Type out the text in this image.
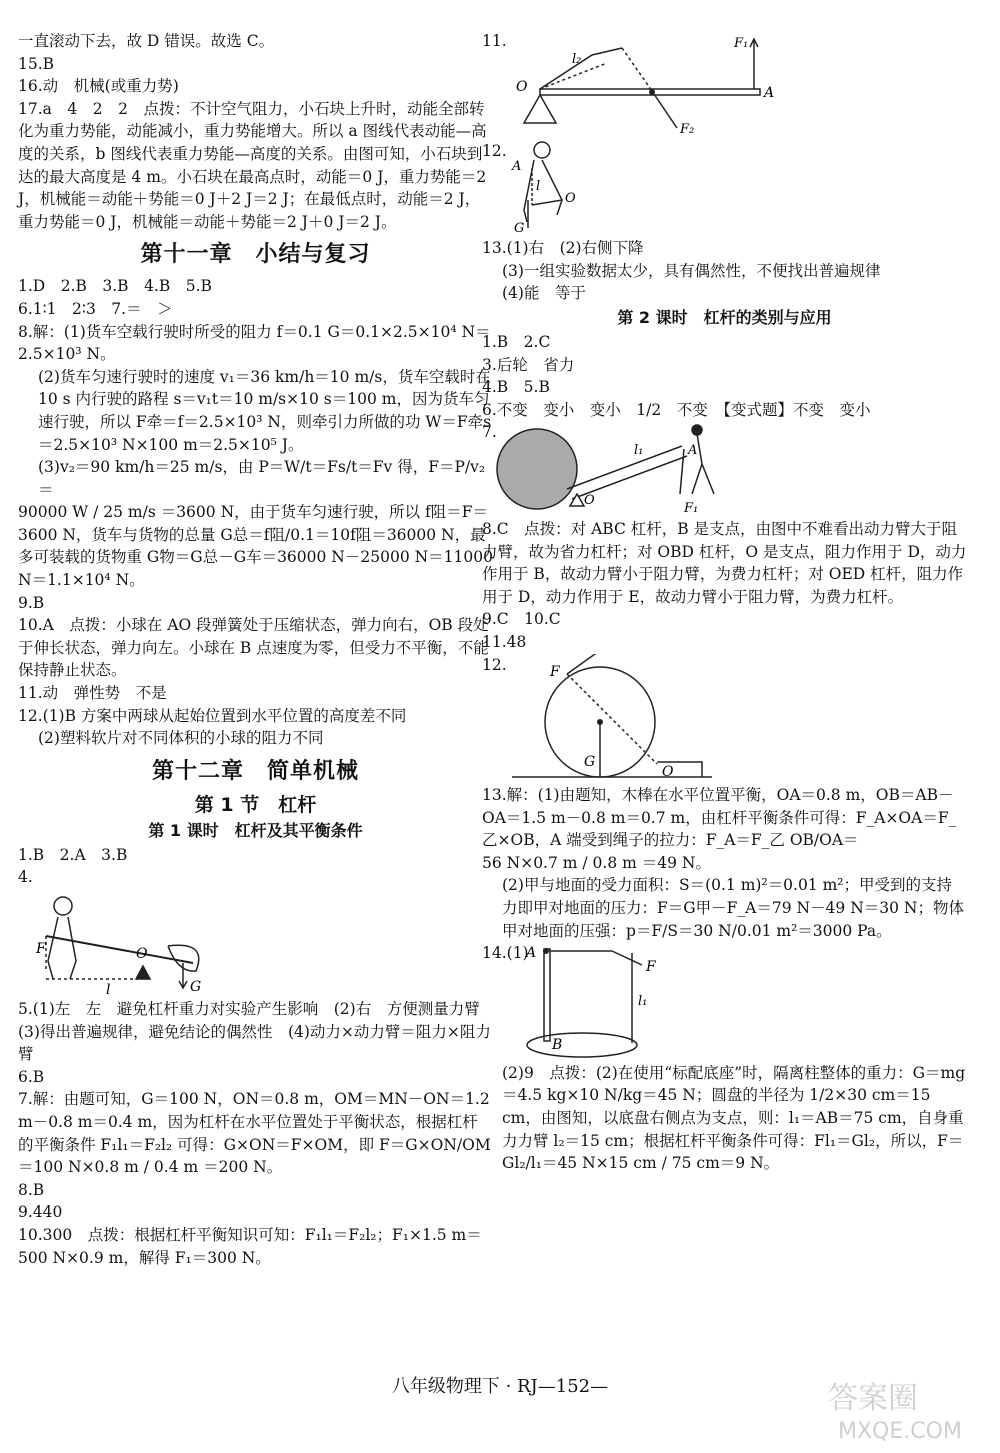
一直滚动下去，故 D 错误。故选 C。

15.B

16.动　机械(或重力势)

17.a　4　2　2　点拨：不计空气阻力，小石块上升时，动能全部转化为重力势能，动能减小，重力势能增大。所以 a 图线代表动能—高度的关系，b 图线代表重力势能—高度的关系。由图可知，小石块到达的最大高度是 4 m。小石块在最高点时，动能＝0 J，重力势能＝2 J，机械能＝动能＋势能＝0 J＋2 J＝2 J；在最低点时，动能＝2 J，重力势能＝0 J，机械能＝动能＋势能＝2 J＋0 J＝2 J。

第十一章　小结与复习

1.D　2.B　3.B　4.B　5.B

6.1∶1　2∶3　7.＝　＞

8.解：(1)货车空载行驶时所受的阻力 f＝0.1 G＝0.1×2.5×10⁴ N＝2.5×10³ N。

(2)货车匀速行驶时的速度 v₁＝36 km/h＝10 m/s，货车空载时在 10 s 内行驶的路程 s＝v₁t＝10 m/s×10 s＝100 m，因为货车匀速行驶，所以 F牵＝f＝2.5×10³ N，则牵引力所做的功 W＝F牵s＝2.5×10³ N×100 m＝2.5×10⁵ J。

(3)v₂＝90 km/h＝25 m/s，由 P＝W/t＝Fs/t＝Fv 得，F＝P/v₂＝

90000 W / 25 m/s ＝3600 N，由于货车匀速行驶，所以 f阻＝F＝

3600 N，货车与货物的总量 G总＝f阻/0.1＝10f阻＝36000 N，最多可装载的货物重 G物＝G总－G车＝36000 N－25000 N＝11000 N＝1.1×10⁴ N。

9.B

10.A　点拨：小球在 AO 段弹簧处于压缩状态，弹力向右，OB 段处于伸长状态，弹力向左。小球在 B 点速度为零，但受力不平衡，不能保持静止状态。

11.动　弹性势　不是

12.(1)B 方案中两球从起始位置到水平位置的高度差不同

(2)塑料软片对不同体积的小球的阻力不同

第十二章　简单机械
第 1 节　杠杆
第 1 课时　杠杆及其平衡条件

1.B　2.A　3.B

4.

F	O
l	G

5.(1)左　左　避免杠杆重力对实验产生影响　(2)右　方便测量力臂　(3)得出普遍规律，避免结论的偶然性　(4)动力×动力臂＝阻力×阻力臂

6.B

7.解：由题可知，G＝100 N，ON＝0.8 m，OM＝MN－ON＝1.2 m－0.8 m＝0.4 m，因为杠杆在水平位置处于平衡状态，根据杠杆的平衡条件 F₁l₁＝F₂l₂ 可得：G×ON＝F×OM，即 F＝G×ON/OM

＝100 N×0.8 m / 0.4 m ＝200 N。

8.B

9.440

10.300　点拨：根据杠杆平衡知识可知：F₁l₁＝F₂l₂；F₁×1.5 m＝500 N×0.9 m，解得 F₁＝300 N。

11.

O	A
l₂
F₁
F₂

12.

A
l
O
G

13.(1)右　(2)右侧下降

(3)一组实验数据太少，具有偶然性，不便找出普遍规律

(4)能　等于

第 2 课时　杠杆的类别与应用

1.B　2.C

3.后轮　省力

4.B　5.B

6.不变　变小　变小　1/2　不变　【变式题】不变　变小

7.

A
l₁
O
F₁

8.C　点拨：对 ABC 杠杆，B 是支点，由图中不难看出动力臂大于阻力臂，故为省力杠杆；对 OBD 杠杆，O 是支点，阻力作用于 D，动力作用于 B，故动力臂小于阻力臂，为费力杠杆；对 OED 杠杆，阻力作用于 D，动力作用于 E，故动力臂小于阻力臂，为费力杠杆。

9.C　10.C

11.48

12.	F
G
O

13.解：(1)由题知，木棒在水平位置平衡，OA＝0.8 m，OB＝AB－OA＝1.5 m－0.8 m＝0.7 m，由杠杆平衡条件可得：F_A×OA＝F_乙×OB，A 端受到绳子的拉力：F_A＝F_乙 OB/OA＝

56 N×0.7 m / 0.8 m ＝49 N。

(2)甲与地面的受力面积：S＝(0.1 m)²＝0.01 m²；甲受到的支持力即甲对地面的压力：F＝G甲－F_A＝79 N－49 N＝30 N；物体甲对地面的压强：p＝F/S＝30 N/0.01 m²＝3000 Pa。

14.(1)

A
F
l₁
B

(2)9　点拨：(2)在使用“标配底座”时，隔离柱整体的重力：G＝mg＝4.5 kg×10 N/kg＝45 N；圆盘的半径为 1/2×30 cm＝15 cm，由图知，以底盘右侧点为支点，则：l₁＝AB＝75 cm，自身重力力臂 l₂＝15 cm；根据杠杆平衡条件可得：Fl₁＝Gl₂，所以，F＝Gl₂/l₁＝45 N×15 cm / 75 cm＝9 N。

八年级物理下 · RJ—152—	答案圈
MXQE.COM
